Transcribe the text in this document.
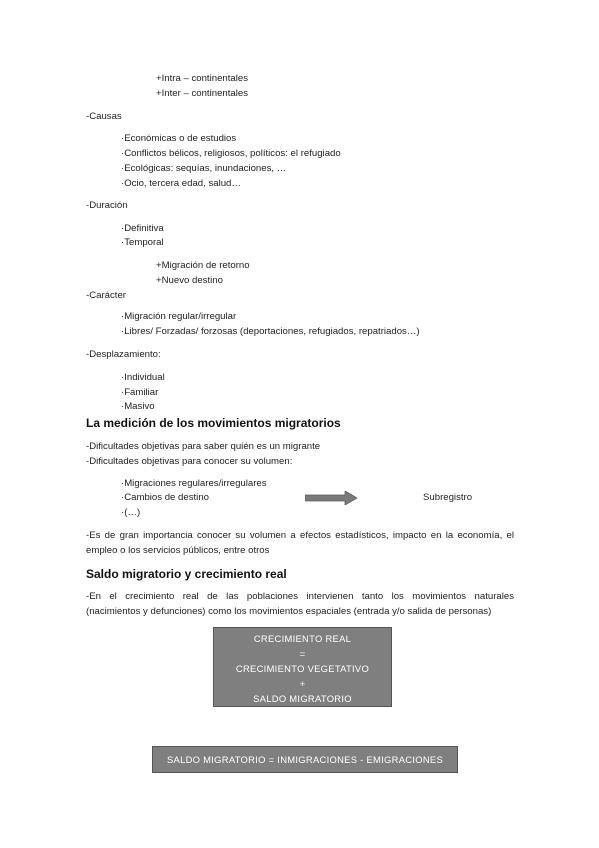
+Intra – continentales
+Inter – continentales
-Causas
·Económicas o de estudios
·Conflictos bélicos, religiosos, políticos: el refugiado
·Ecológicas: sequías, inundaciones, …
·Ocio, tercera edad, salud…
-Duración
·Definitiva
·Temporal
+Migración de retorno
+Nuevo destino
-Carácter
·Migración regular/irregular
·Libres/ Forzadas/ forzosas (deportaciones, refugiados, repatriados…)
-Desplazamiento:
·Individual
·Familiar
·Masivo
La medición de los movimientos migratorios
-Dificultades objetivas para saber quién es un migrante
-Dificultades objetivas para conocer su volumen:
·Migraciones regulares/irregulares
·Cambios de destino
·(…)
Subregistro
-Es de gran importancia conocer su volumen a efectos estadísticos, impacto en la economía, el
empleo o los servicios públicos, entre otros
Saldo migratorio y crecimiento real
-En el crecimiento real de las poblaciones intervienen tanto los movimientos naturales
(nacimientos y defunciones) como los movimientos espaciales (entrada y/o salida de personas)
CRECIMIENTO REAL
=
CRECIMIENTO VEGETATIVO
+
SALDO MIGRATORIO
SALDO MIGRATORIO = INMIGRACIONES - EMIGRACIONES
